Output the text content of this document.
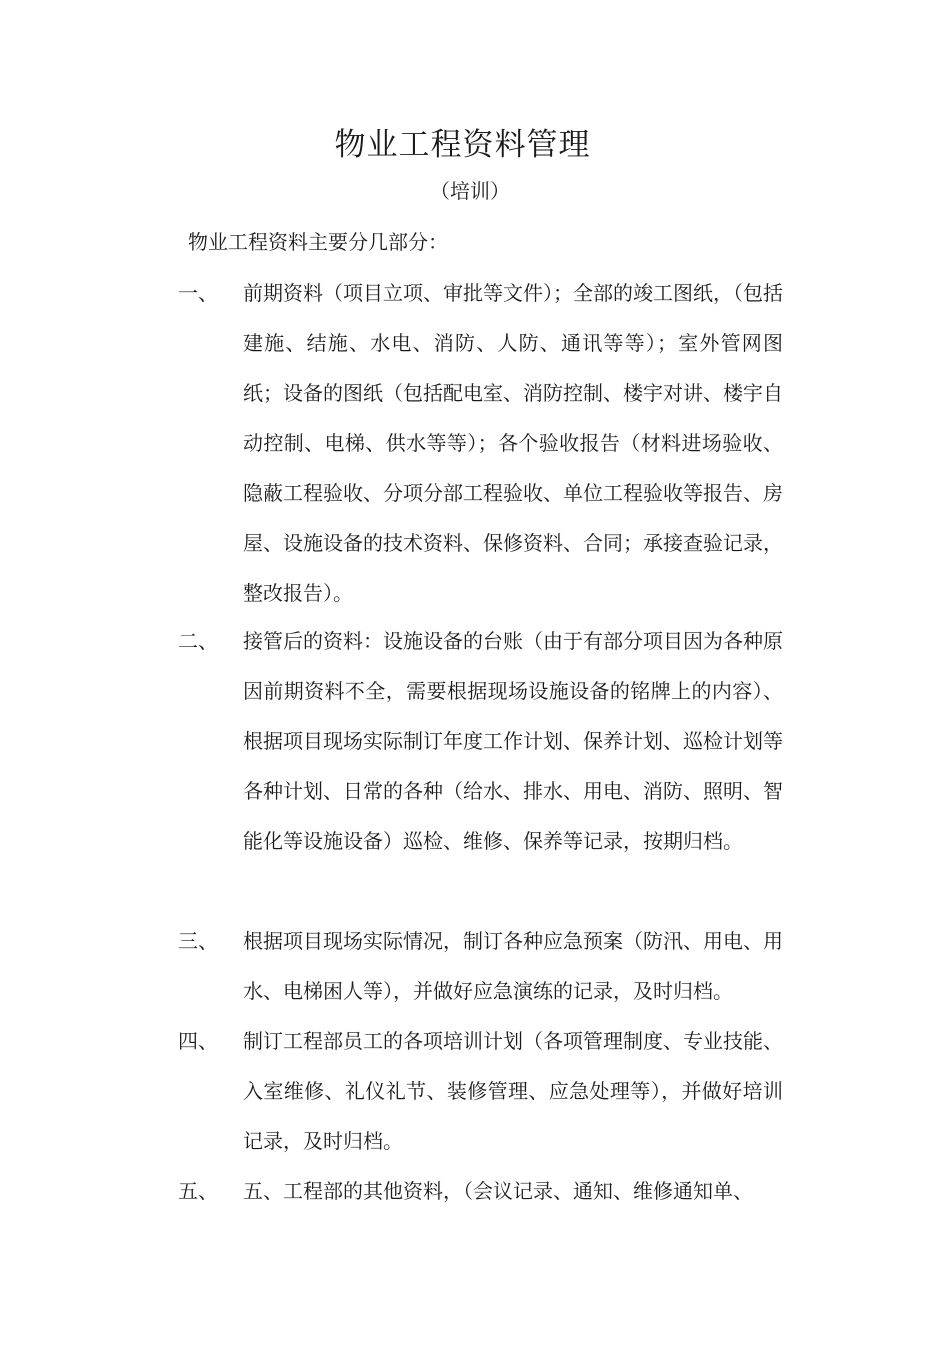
物业工程资料管理
（培训）
物业工程资料主要分几部分：
一、	前期资料（项目立项、审批等文件）；全部的竣工图纸，（包括建施、结施、水电、消防、人防、通讯等等）；室外管网图纸；设备的图纸（包括配电室、消防控制、楼宇对讲、楼宇自动控制、电梯、供水等等）；各个验收报告（材料进场验收、隐蔽工程验收、分项分部工程验收、单位工程验收等报告、房屋、设施设备的技术资料、保修资料、合同；承接查验记录，整改报告）。
二、	接管后的资料：设施设备的台账（由于有部分项目因为各种原因前期资料不全，需要根据现场设施设备的铭牌上的内容）、根据项目现场实际制订年度工作计划、保养计划、巡检计划等各种计划、日常的各种（给水、排水、用电、消防、照明、智能化等设施设备）巡检、维修、保养等记录，按期归档。
三、	根据项目现场实际情况，制订各种应急预案（防汛、用电、用水、电梯困人等），并做好应急演练的记录，及时归档。
四、	制订工程部员工的各项培训计划（各项管理制度、专业技能、入室维修、礼仪礼节、装修管理、应急处理等），并做好培训记录，及时归档。
五、	五、工程部的其他资料，（会议记录、通知、维修通知单、
